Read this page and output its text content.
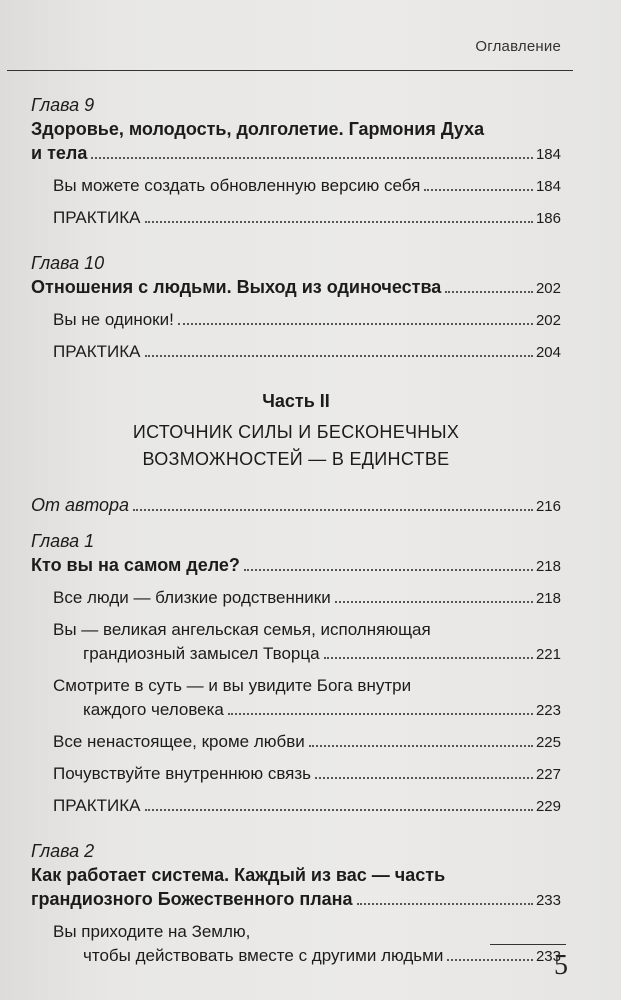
Оглавление
Глава 9
Здоровье, молодость, долголетие. Гармония Духа
и тела	184
Вы можете создать обновленную версию себя	184
ПРАКТИКА	186
Глава 10
Отношения с людьми. Выход из одиночества	202
Вы не одиноки!	202
ПРАКТИКА	204
Часть II
ИСТОЧНИК СИЛЫ И БЕСКОНЕЧНЫХ
ВОЗМОЖНОСТЕЙ — В ЕДИНСТВЕ
От автора	216
Глава 1
Кто вы на самом деле?	218
Все люди — близкие родственники	218
Вы — великая ангельская семья, исполняющая
грандиозный замысел Творца	221
Смотрите в суть — и вы увидите Бога внутри
каждого человека	223
Все ненастоящее, кроме любви	225
Почувствуйте внутреннюю связь	227
ПРАКТИКА	229
Глава 2
Как работает система. Каждый из вас — часть
грандиозного Божественного плана	233
Вы приходите на Землю,
чтобы действовать вместе с другими людьми	233
5
